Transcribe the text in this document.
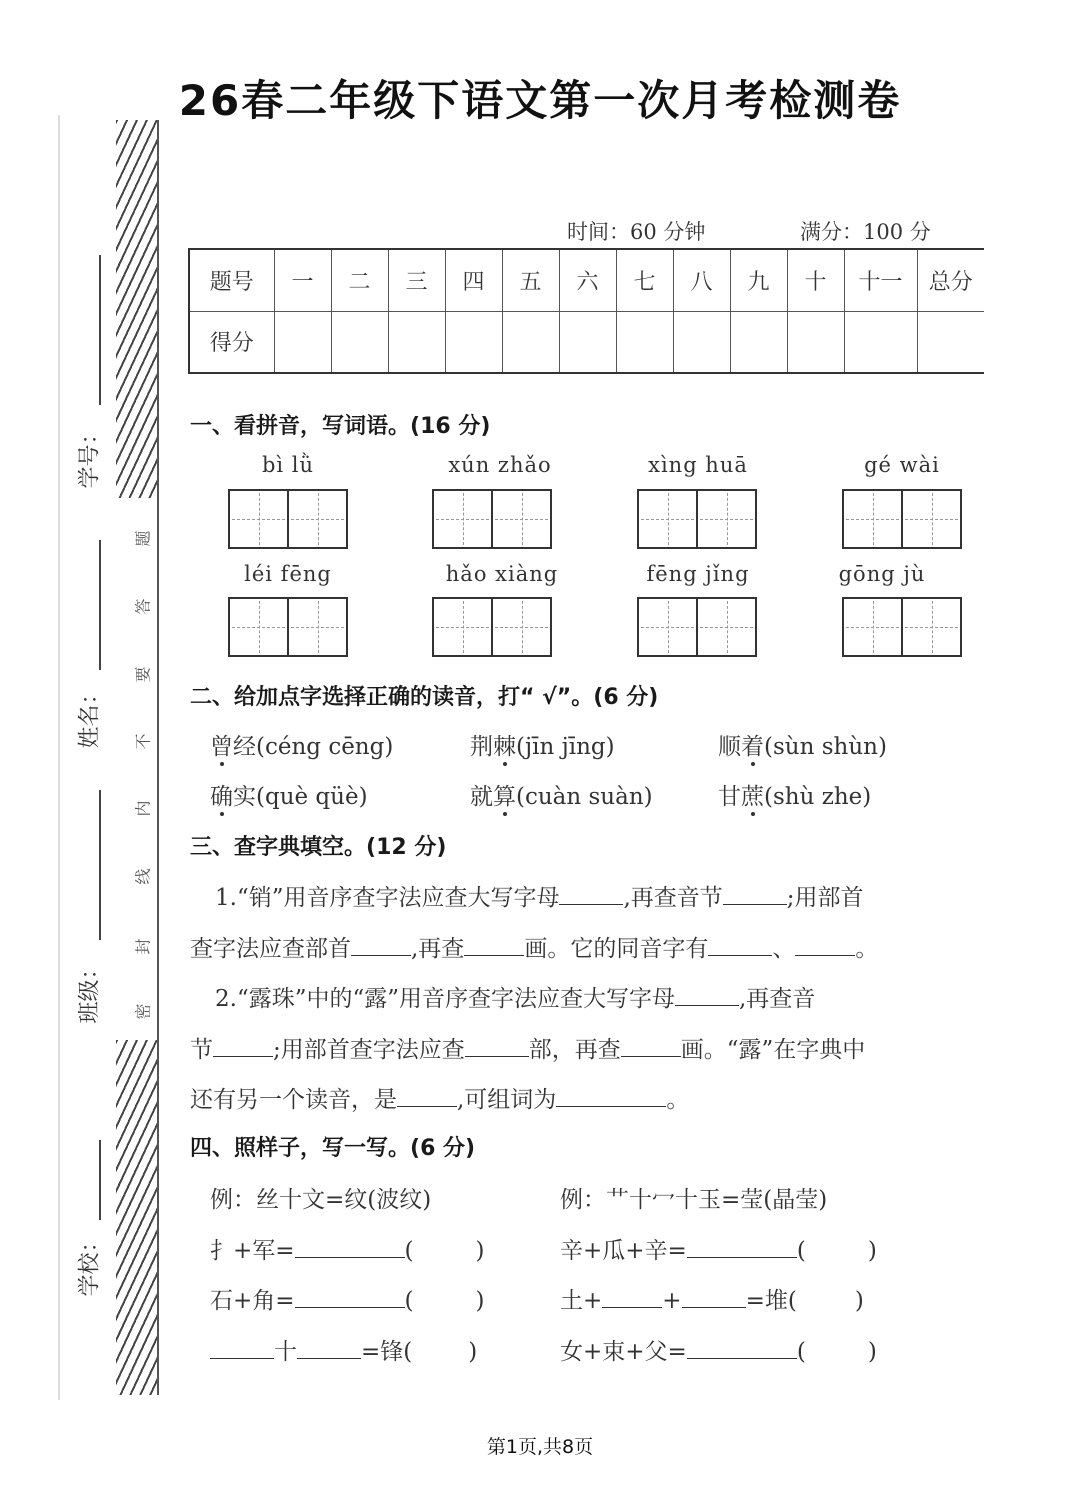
学校：
班级：
姓名：
学号：
密
封
线
内
不
要
答
题
26春二年级下语文第一次月考检测卷
时间：60 分钟	满分：100 分
题号	一	二	三	四	五	六	七	八	九	十	十一	总分
得分												
一、看拼音，写词语。(16 分)
bì lǜ	xún zhǎo	xìng huā	gé wài
léi fēng	hǎo xiàng	fēng jǐng	gōng jù
二、给加点字选择正确的读音，打“ √”。(6 分)
曾经(céng cēng)	荆棘(jīn jīng)	顺着(sùn shùn)
确实(què qüè)	就算(cuàn suàn)	甘蔗(shù zhe)
三、查字典填空。(12 分)
1.“销”用音序查字法应查大写字母	,再查音节	;用部首
查字法应查部首	,再查	画。它的同音字有	、	。
2.“露珠”中的“露”用音序查字法应查大写字母	,再查音
节	;用部首查字法应查	部，再查	画。“露”在字典中
还有另一个读音，是	,可组词为	。
四、照样子，写一写。(6 分)
例：丝十文=纹(波纹)	例：艹十冖十玉=莹(晶莹)
扌+军=	(	)	辛+瓜+辛=	(	)
石+角=	(	)	土+	+	=堆(	)
十	=锋( )	女+束+父=	(	)
第1页,共8页
